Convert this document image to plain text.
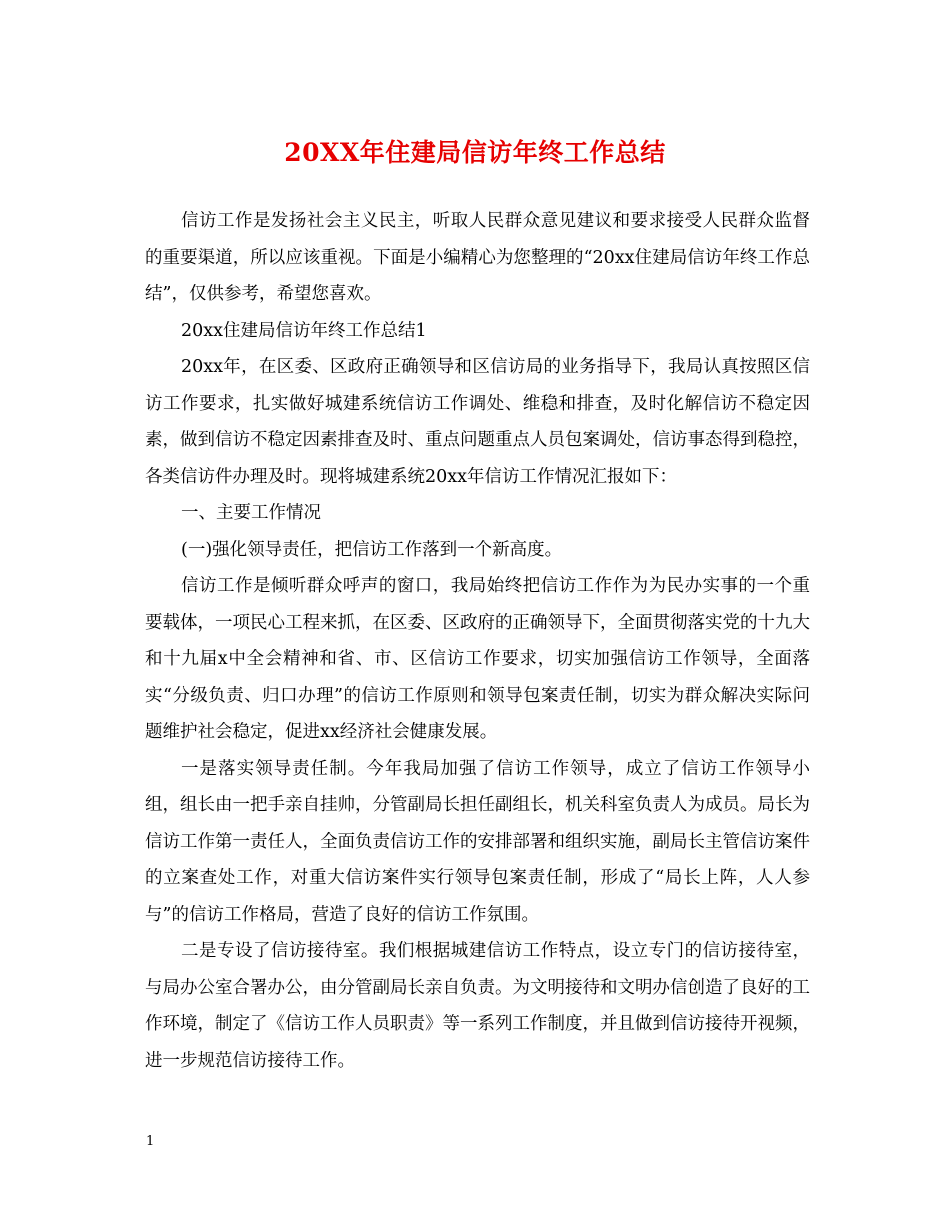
20XX年住建局信访年终工作总结

信访工作是发扬社会主义民主，听取人民群众意见建议和要求接受人民群众监督的重要渠道，所以应该重视。下面是小编精心为您整理的“20xx住建局信访年终工作总结”，仅供参考，希望您喜欢。

20xx住建局信访年终工作总结1

20xx年，在区委、区政府正确领导和区信访局的业务指导下，我局认真按照区信访工作要求，扎实做好城建系统信访工作调处、维稳和排查，及时化解信访不稳定因素，做到信访不稳定因素排查及时、重点问题重点人员包案调处，信访事态得到稳控，各类信访件办理及时。现将城建系统20xx年信访工作情况汇报如下：

一、主要工作情况

(一)强化领导责任，把信访工作落到一个新高度。

信访工作是倾听群众呼声的窗口，我局始终把信访工作作为为民办实事的一个重要载体，一项民心工程来抓，在区委、区政府的正确领导下，全面贯彻落实党的十九大和十九届x中全会精神和省、市、区信访工作要求，切实加强信访工作领导，全面落实“分级负责、归口办理”的信访工作原则和领导包案责任制，切实为群众解决实际问题维护社会稳定，促进xx经济社会健康发展。

一是落实领导责任制。今年我局加强了信访工作领导，成立了信访工作领导小组，组长由一把手亲自挂帅，分管副局长担任副组长，机关科室负责人为成员。局长为信访工作第一责任人，全面负责信访工作的安排部署和组织实施，副局长主管信访案件的立案查处工作，对重大信访案件实行领导包案责任制，形成了“局长上阵，人人参与”的信访工作格局，营造了良好的信访工作氛围。

二是专设了信访接待室。我们根据城建信访工作特点，设立专门的信访接待室，与局办公室合署办公，由分管副局长亲自负责。为文明接待和文明办信创造了良好的工作环境，制定了《信访工作人员职责》等一系列工作制度，并且做到信访接待开视频，进一步规范信访接待工作。

1
